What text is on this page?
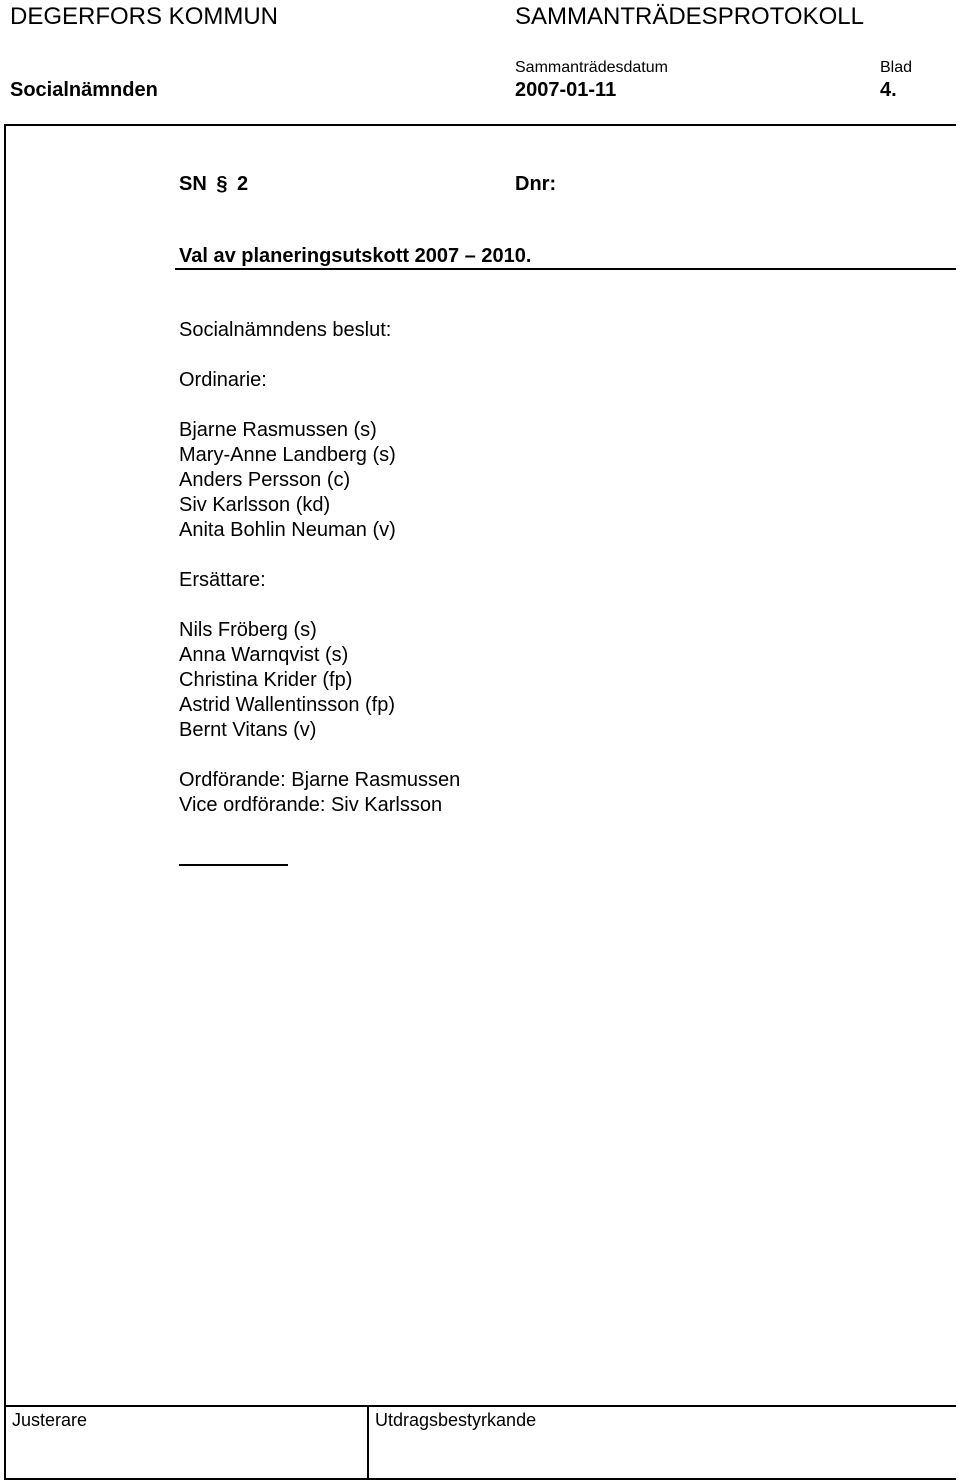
DEGERFORS KOMMUN	SAMMANTRÄDESPROTOKOLL
Sammanträdesdatum	Blad
Socialnämnden	2007-01-11	4.
SN § 2	Dnr:
Val av planeringsutskott 2007 – 2010.
Socialnämndens beslut:
Ordinarie:
Bjarne Rasmussen (s)
Mary-Anne Landberg (s)
Anders Persson (c)
Siv Karlsson (kd)
Anita Bohlin Neuman (v)
Ersättare:
Nils Fröberg (s)
Anna Warnqvist (s)
Christina Krider (fp)
Astrid Wallentinsson (fp)
Bernt Vitans (v)
Ordförande: Bjarne Rasmussen
Vice ordförande: Siv Karlsson
Justerare	Utdragsbestyrkande
